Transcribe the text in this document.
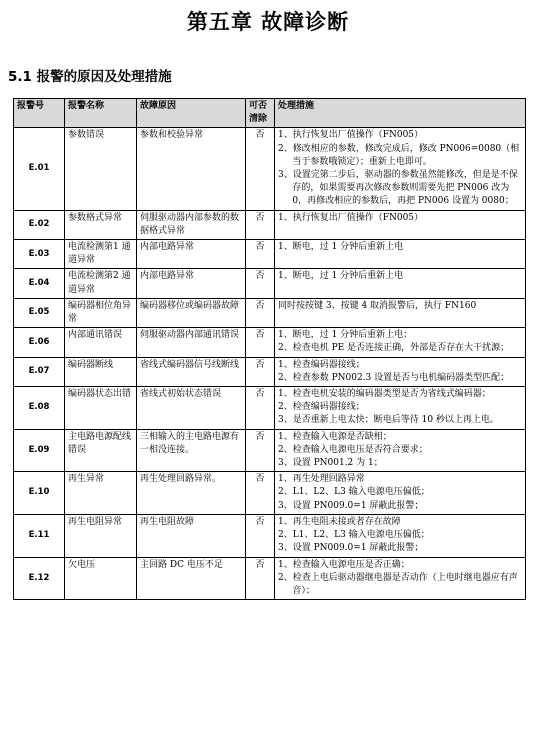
第五章 故障诊断
5.1 报警的原因及处理措施
报警号	报警名称	故障原因	可否清除	处理措施
E.01	参数错误	参数和校验异常	否	1、执行恢复出厂值操作（FN005）
2、修改相应的参数，修改完成后，修改 PN006=0080（相当于参数哦锁定）；重新上电即可。
3、设置完第二步后，驱动器的参数虽然能修改，但是是不保存的，如果需要再次修改参数则需要先把 PN006 改为 0，再修改相应的参数后，再把 PN006 设置为 0080；

E.02	参数格式异常	伺服驱动器内部参数的数据格式异常	否	1、执行恢复出厂值操作（FN005）

E.03	电流检测第1 通道异常	内部电路异常	否	1、断电，过 1 分钟后重新上电

E.04	电流检测第2 通道异常	内部电路异常	否	1、断电，过 1 分钟后重新上电

E.05	编码器相位角异常	编码器移位或编码器故障	否	同时按按键 3、按键 4 取消报警后，执行 FN160

E.06	内部通讯错误	伺服驱动器内部通讯错误	否	1、断电，过 1 分钟后重新上电；
2、检查电机 PE 是否连接正确，外部是否存在大干扰源；

E.07	编码器断线	省线式编码器信号线断线	否	1、检查编码器接线；
2、检查参数 PN002.3 设置是否与电机编码器类型匹配；

E.08	编码器状态出错	省线式初始状态错误	否	1、检查电机安装的编码器类型是否为省线式编码器；
2、检查编码器接线；
3、是否重新上电太快；断电后等待 10 秒以上再上电。

E.09	主电路电源配线错误	三相输入的主电路电源有一相没连接。	否	1、检查输入电源是否缺相；
2、检查输入电源电压是否符合要求；
3、设置 PN001.2 为 1；

E.10	再生异常	再生处理回路异常。	否	1、再生处理回路异常
2、L1、L2、L3 输入电源电压偏低；
3、设置 PN009.0=1 屏蔽此报警；

E.11	再生电阻异常	再生电阻故障	否	1、再生电阻未接或者存在故障
2、L1、L2、L3 输入电源电压偏低；
3、设置 PN009.0=1 屏蔽此报警；

E.12	欠电压	主回路 DC 电压不足	否	1、检查输入电源电压是否正确；
2、检查上电后驱动器继电器是否动作（上电时继电器应有声音）；
